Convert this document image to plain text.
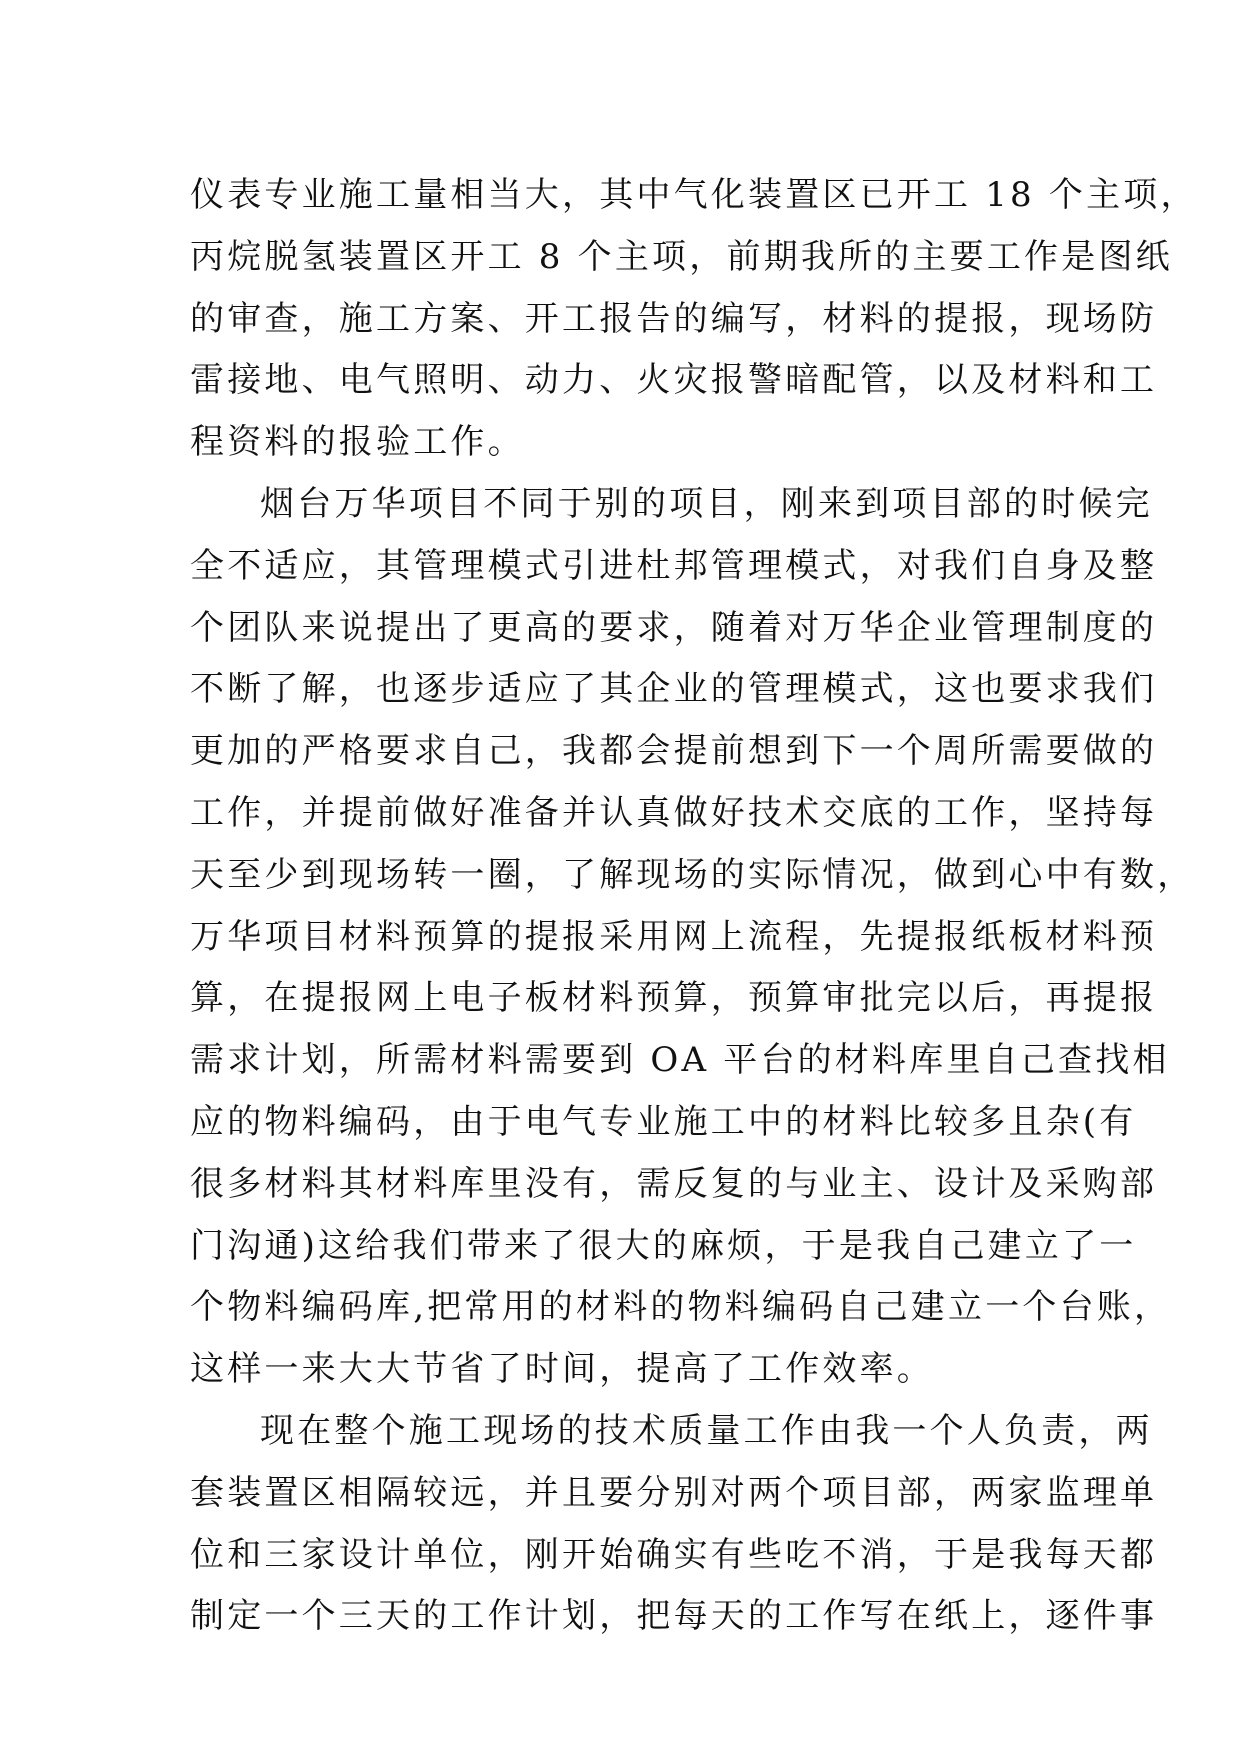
仪表专业施工量相当大，其中气化装置区已开工 18 个主项，
丙烷脱氢装置区开工 8 个主项，前期我所的主要工作是图纸
的审查，施工方案、开工报告的编写，材料的提报，现场防
雷接地、电气照明、动力、火灾报警暗配管，以及材料和工
程资料的报验工作。
烟台万华项目不同于别的项目，刚来到项目部的时候完
全不适应，其管理模式引进杜邦管理模式，对我们自身及整
个团队来说提出了更高的要求，随着对万华企业管理制度的
不断了解，也逐步适应了其企业的管理模式，这也要求我们
更加的严格要求自己，我都会提前想到下一个周所需要做的
工作，并提前做好准备并认真做好技术交底的工作，坚持每
天至少到现场转一圈，了解现场的实际情况，做到心中有数，
万华项目材料预算的提报采用网上流程，先提报纸板材料预
算，在提报网上电子板材料预算，预算审批完以后，再提报
需求计划，所需材料需要到 OA 平台的材料库里自己查找相
应的物料编码，由于电气专业施工中的材料比较多且杂(有
很多材料其材料库里没有，需反复的与业主、设计及采购部
门沟通)这给我们带来了很大的麻烦，于是我自己建立了一
个物料编码库,把常用的材料的物料编码自己建立一个台账，
这样一来大大节省了时间，提高了工作效率。
现在整个施工现场的技术质量工作由我一个人负责，两
套装置区相隔较远，并且要分别对两个项目部，两家监理单
位和三家设计单位，刚开始确实有些吃不消，于是我每天都
制定一个三天的工作计划，把每天的工作写在纸上，逐件事
